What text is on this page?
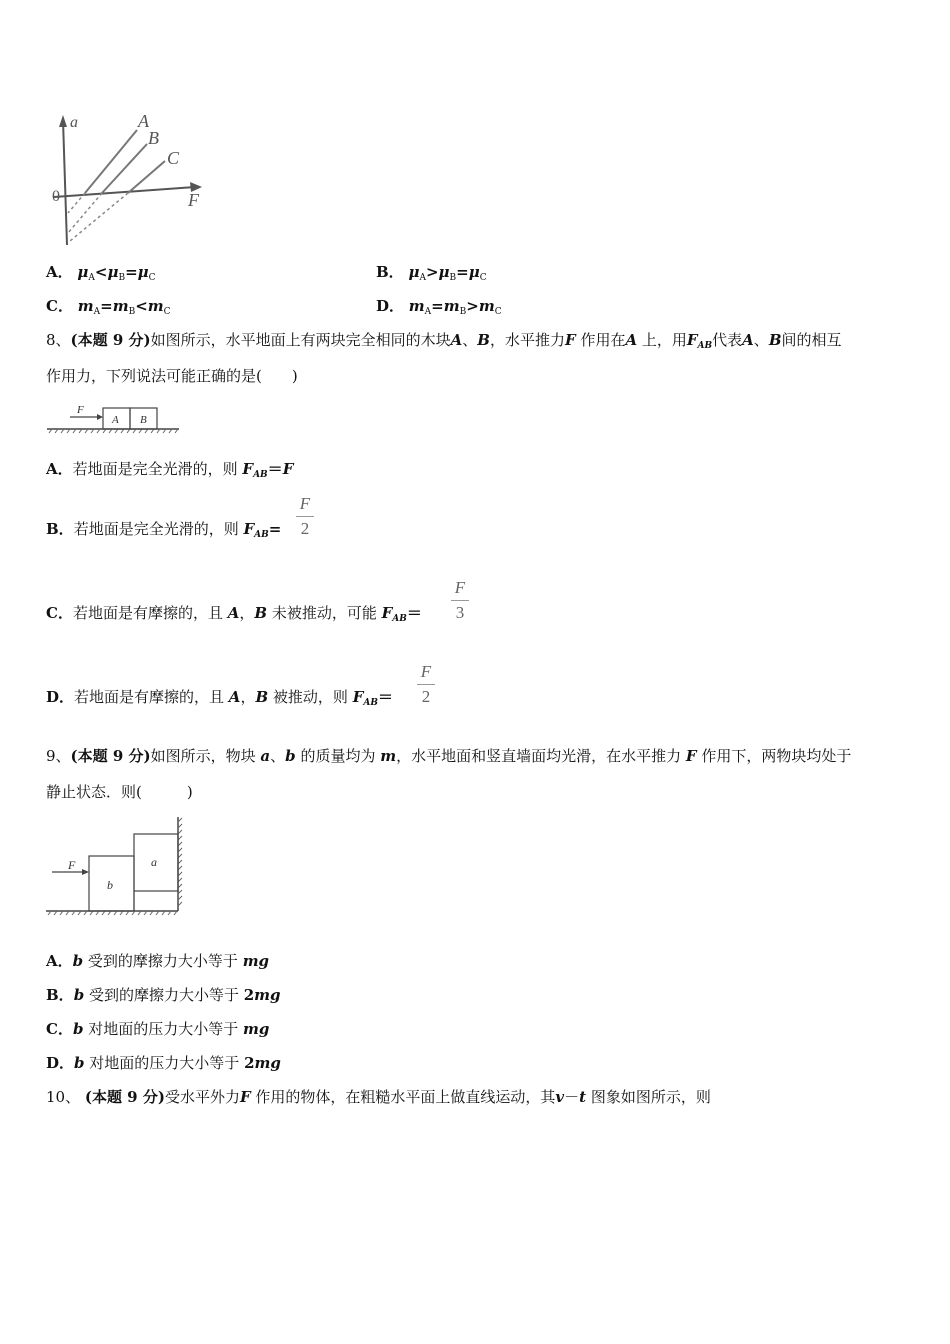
a
F
0
A
B
C
A． $\mu_A<\mu_B=\mu_C$	B． $\mu_A>\mu_B=\mu_C$
C． $m_A=m_B<m_C$	D． $m_A=m_B>m_C$
8、(本题 9 分)如图所示，水平地面上有两块完全相同的木块A、B，水平推力F 作用在A 上，用$F_{AB}$代表A、B间的相互
作用力，下列说法可能正确的是(　　)
F
A B
A．若地面是完全光滑的，则 $F_{AB}=F$
B．若地面是完全光滑的，则 $F_{AB}=$
F
2
C．若地面是有摩擦的，且 A，B 未被推动，可能 $F_{AB}=$
F
3
D．若地面是有摩擦的，且 A，B 被推动，则 $F_{AB}=$
F
2
9、(本题 9 分)如图所示，物块 a、b 的质量均为 m，水平地面和竖直墙面均光滑，在水平推力 F 作用下，两物块均处于
静止状态．则(　　　)
F	a
b
A．b 受到的摩擦力大小等于 mg
B．b 受到的摩擦力大小等于 2mg
C．b 对地面的压力大小等于 mg
D．b 对地面的压力大小等于 2mg
10、 (本题 9 分)受水平外力F 作用的物体，在粗糙水平面上做直线运动，其v－t 图象如图所示，则
